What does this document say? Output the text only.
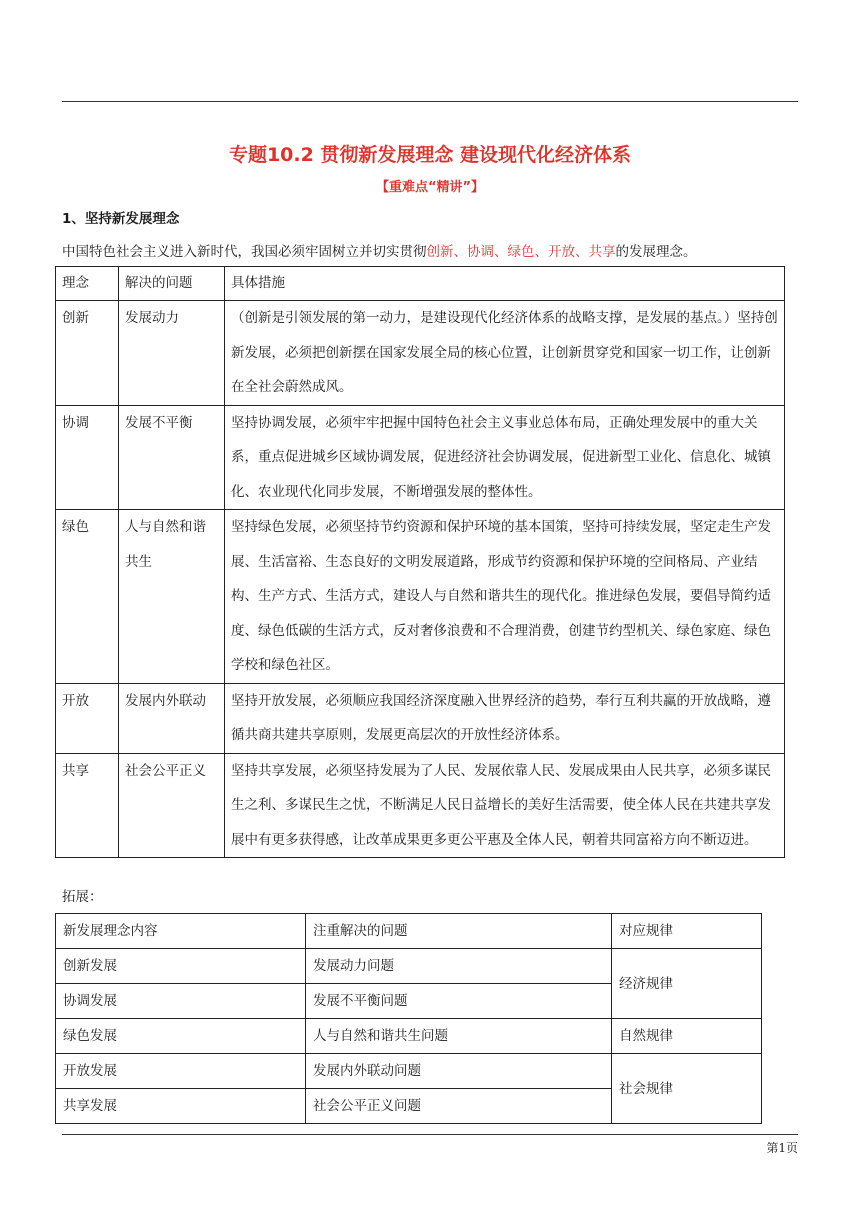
专题10.2 贯彻新发展理念 建设现代化经济体系
【重难点“精讲”】
1、坚持新发展理念
中国特色社会主义进入新时代，我国必须牢固树立并切实贯彻创新、协调、绿色、开放、共享的发展理念。
理念	解决的问题	具体措施
创新	发展动力	（创新是引领发展的第一动力，是建设现代化经济体系的战略支撑，是发展的基点。）坚持创新发展，必须把创新摆在国家发展全局的核心位置，让创新贯穿党和国家一切工作，让创新在全社会蔚然成风。
协调	发展不平衡	坚持协调发展，必须牢牢把握中国特色社会主义事业总体布局，正确处理发展中的重大关系，重点促进城乡区域协调发展，促进经济社会协调发展，促进新型工业化、信息化、城镇化、农业现代化同步发展，不断增强发展的整体性。
绿色	人与自然和谐共生	坚持绿色发展，必须坚持节约资源和保护环境的基本国策，坚持可持续发展，坚定走生产发展、生活富裕、生态良好的文明发展道路，形成节约资源和保护环境的空间格局、产业结构、生产方式、生活方式，建设人与自然和谐共生的现代化。推进绿色发展，要倡导简约适度、绿色低碳的生活方式，反对奢侈浪费和不合理消费，创建节约型机关、绿色家庭、绿色学校和绿色社区。
开放	发展内外联动	坚持开放发展，必须顺应我国经济深度融入世界经济的趋势，奉行互利共赢的开放战略，遵循共商共建共享原则，发展更高层次的开放性经济体系。
共享	社会公平正义	坚持共享发展，必须坚持发展为了人民、发展依靠人民、发展成果由人民共享，必须多谋民生之利、多谋民生之忧，不断满足人民日益增长的美好生活需要，使全体人民在共建共享发展中有更多获得感，让改革成果更多更公平惠及全体人民，朝着共同富裕方向不断迈进。
拓展：
新发展理念内容	注重解决的问题	对应规律
创新发展	发展动力问题	经济规律
协调发展	发展不平衡问题	
绿色发展	人与自然和谐共生问题	自然规律
开放发展	发展内外联动问题	社会规律
共享发展	社会公平正义问题	
第1页
